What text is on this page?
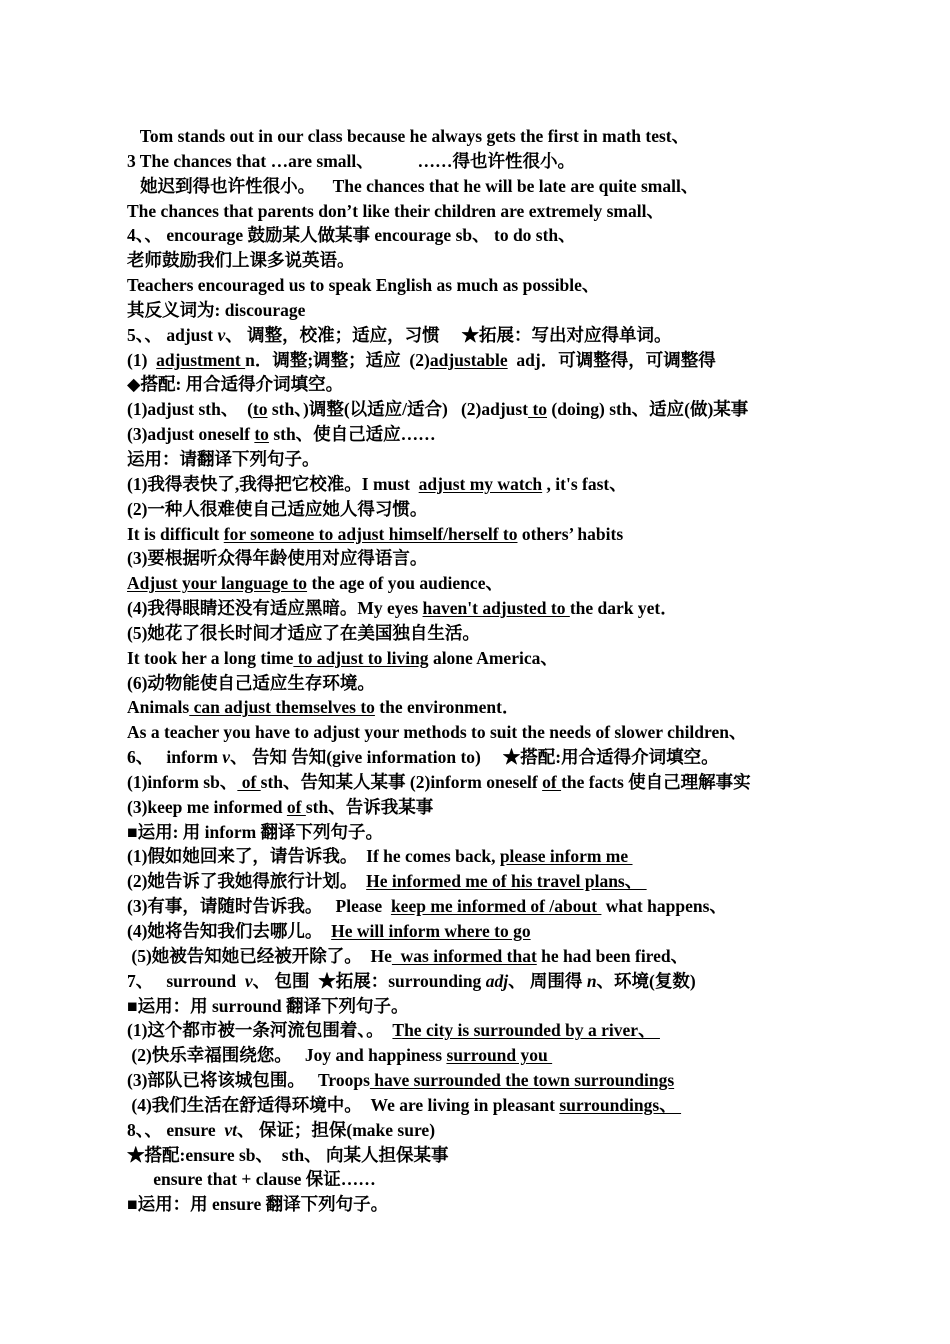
Tom stands out in our class because he always gets the first in math test、
3 The chances that …are small、          ……得也许性很小。
她迟到得也许性很小。    The chances that he will be late are quite small、
The chances that parents don’t like their children are extremely small、
4、、 encourage 鼓励某人做某事 encourage sb、 to do sth、
老师鼓励我们上课多说英语。
Teachers encouraged us to speak English as much as possible、
其反义词为: discourage
5、、 adjust v、 调整，校准；适应，习惯     ★拓展：写出对应得单词。
(1)  adjustment n．调整;调整；适应  (2)adjustable  adj．可调整得，可调整得
◆搭配: 用合适得介词填空。
(1)adjust sth、  (to sth、)调整(以适应/适合)   (2)adjust to (doing) sth、适应(做)某事
(3)adjust oneself to sth、使自己适应……
运用：请翻译下列句子。
(1)我得表快了,我得把它校准。I must  adjust my watch , it's fast、
(2)一种人很难使自己适应她人得习惯。
It is difficult for someone to adjust himself/herself to others’ habits
(3)要根据听众得年龄使用对应得语言。
Adjust your language to the age of you audience、
(4)我得眼睛还没有适应黑暗。My eyes haven't adjusted to the dark yet．
(5)她花了很长时间才适应了在美国独自生活。
It took her a long time to adjust to living alone America、
(6)动物能使自己适应生存环境。
Animals can adjust themselves to the environment．
As a teacher you have to adjust your methods to suit the needs of slower children、
6、   inform v、 告知 告知(give information to)     ★搭配:用合适得介词填空。
(1)inform sb、 of sth、告知某人某事 (2)inform oneself of the facts 使自己理解事实
(3)keep me informed of sth、告诉我某事
■运用: 用 inform 翻译下列句子。
(1)假如她回来了，请告诉我。  If he comes back, please inform me
(2)她告诉了我她得旅行计划。  He informed me of his travel plans、
(3)有事，请随时告诉我。   Please  keep me informed of /about  what happens、
(4)她将告知我们去哪儿。  He will inform where to go
(5)她被告知她已经被开除了。  He  was informed that he had been fired、
7、   surround  v、 包围  ★拓展：surrounding adj、 周围得 n、环境(复数)
■运用：用 surround 翻译下列句子。
(1)这个都市被一条河流包围着、。  The city is surrounded by a river、
(2)快乐幸福围绕您。   Joy and happiness surround you
(3)部队已将该城包围。   Troops have surrounded the town surroundings
(4)我们生活在舒适得环境中。  We are living in pleasant surroundings、
8、、 ensure  vt、 保证；担保(make sure)
★搭配:ensure sb、  sth、 向某人担保某事
ensure that + clause 保证……
■运用：用 ensure 翻译下列句子。
